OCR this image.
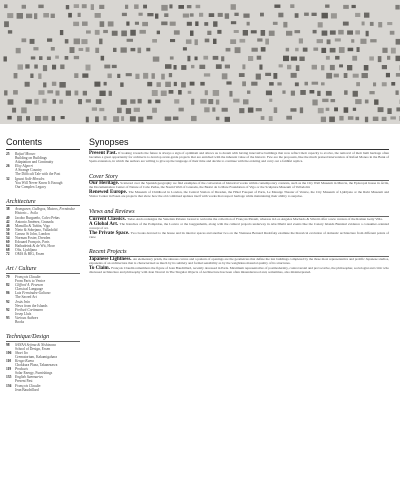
Contents
25	Rafael Moneo
Building on Buildings
Adaptation and Continuity
26	Eloy Algorri
A Strange Country
The Difficult Tale with the Past
32	Ignasi Solà-Morales
You Will Never Know It Enough
Our Complex Legacy
Architecture
38	Aranguren, Gallegos, Mateos, Fernández
Historic... Avila
40	Jacobo Burgueño, Calvo Peñas
42	Antonio Jiménez, Granada
46	Mansilla & Tuñón, Vigo
50	Nieto & Sobejano, Valladolid
56	Caruso St John, London
54	Norman Foster, Dresden
60	Edouard François, Paris
64	Haibadeink & de Wit, Hoor
68	Ofis, Ljubljana
72	OMA & BIG, Essen
Art / Culture
79	François Claudin
From Paris to Venice
82	Clifford A. Pearson
Classical Language
86	Luis Fernández-Galiano
The Sacred Art
92	Jesús Irún
News from the Islands
92	Freiheit Coritmann
Josep Lluís
93	Various Authors
Books
Technique/Design
98	SANAA Sejima & Nishizawa
School of Design, Essen
106	Shoei Ito
Crematorium, Kakamigahara
110	Kengo Kuma
Chokkura Plaza, Takanezawa
119	Products
Solar Energy, Furnishings
135	English Summaries
Present Past
136	François Claudin
Jean Baudrillard
Synopses

Present Past. If looking towards the future is always a sign of optimism and allows us to dream with having innovative buildings that now reflect their capacity to evolve, the removal of their built heritage often becomes a great opportunity for architects to develop avant-garde projects that are enriched with the inherent value of the historic. Few are the proposals, like the much praised intervention of Rafael Moneo in the Bank of Spain extension, in which the authors are willing to give up the language of their time and decide to continue with the existing and carry out a faithful replica.

Cover Story

Our Heritage. Scattered over the Spanish geography we find examples of the conversion of historical works within contemporary contexts, such as the City Wall Museum in Murcia, the Episcopal house in Ávila, the Documentation Center of Nature of Cabo Peñas, the Nasrid Wall of Granada, the Bastió de la Mare Foundation of Vigo or the Sculpture Museum of Valladolid.

Renewed Europe. The Museum of Childhood in London, the Central Station of Dresden, the Hôtel Fouquet of Paris, Le Massige Theater of Venice, the City Museum of Ljubljana or the Ruhr Museum and Visitor Center in Essen are projects that show how the old combined updates itself with works that respect heritage while maintaining their ability to surprise.

Views and Reviews

Current Classics. Tadao Ando redesigns the Venetian Palazzo Grassi to welcome the collection of François Pinault, whereas in Los Angeles Machado & Silvetti offer a new version of the Roman Getty Villa.

A Global Art. The branches of the Pompidou, the Louvre or the Guggenheim, along with the cultural projects underway in Abu Dhabi and events like the Canary Islands Biennial evidence a consumer-oriented concept of art.

The Private Space. Two books devoted to the house and its interior spaces and another two on the Viennese Bernard Rudofsky examine the historical evolution of domestic architecture from different points of view.

Recent Projects

Japanese Lightness. An elementary prism, the sinuous curves and a pattern of openings are the geometries that define the last buildings completed by the three most representative and prolific Japanese studios, exponents of an architecture that is characterized as much by its subtlety and formal sensibility as by the weightless material quality of its structures.

To Claim. François Claudin remembers the figure of Jean Baudrillard, recently deceased in Paris. Maximum representative of postmodernity, controversial and provocative, the philosopher, sociologist and critic who discussed architecture and philosophy with Jean Nouvel in The Singular Objects of Architecture has been often misunderstood and, sometimes, also misinterpreted.
